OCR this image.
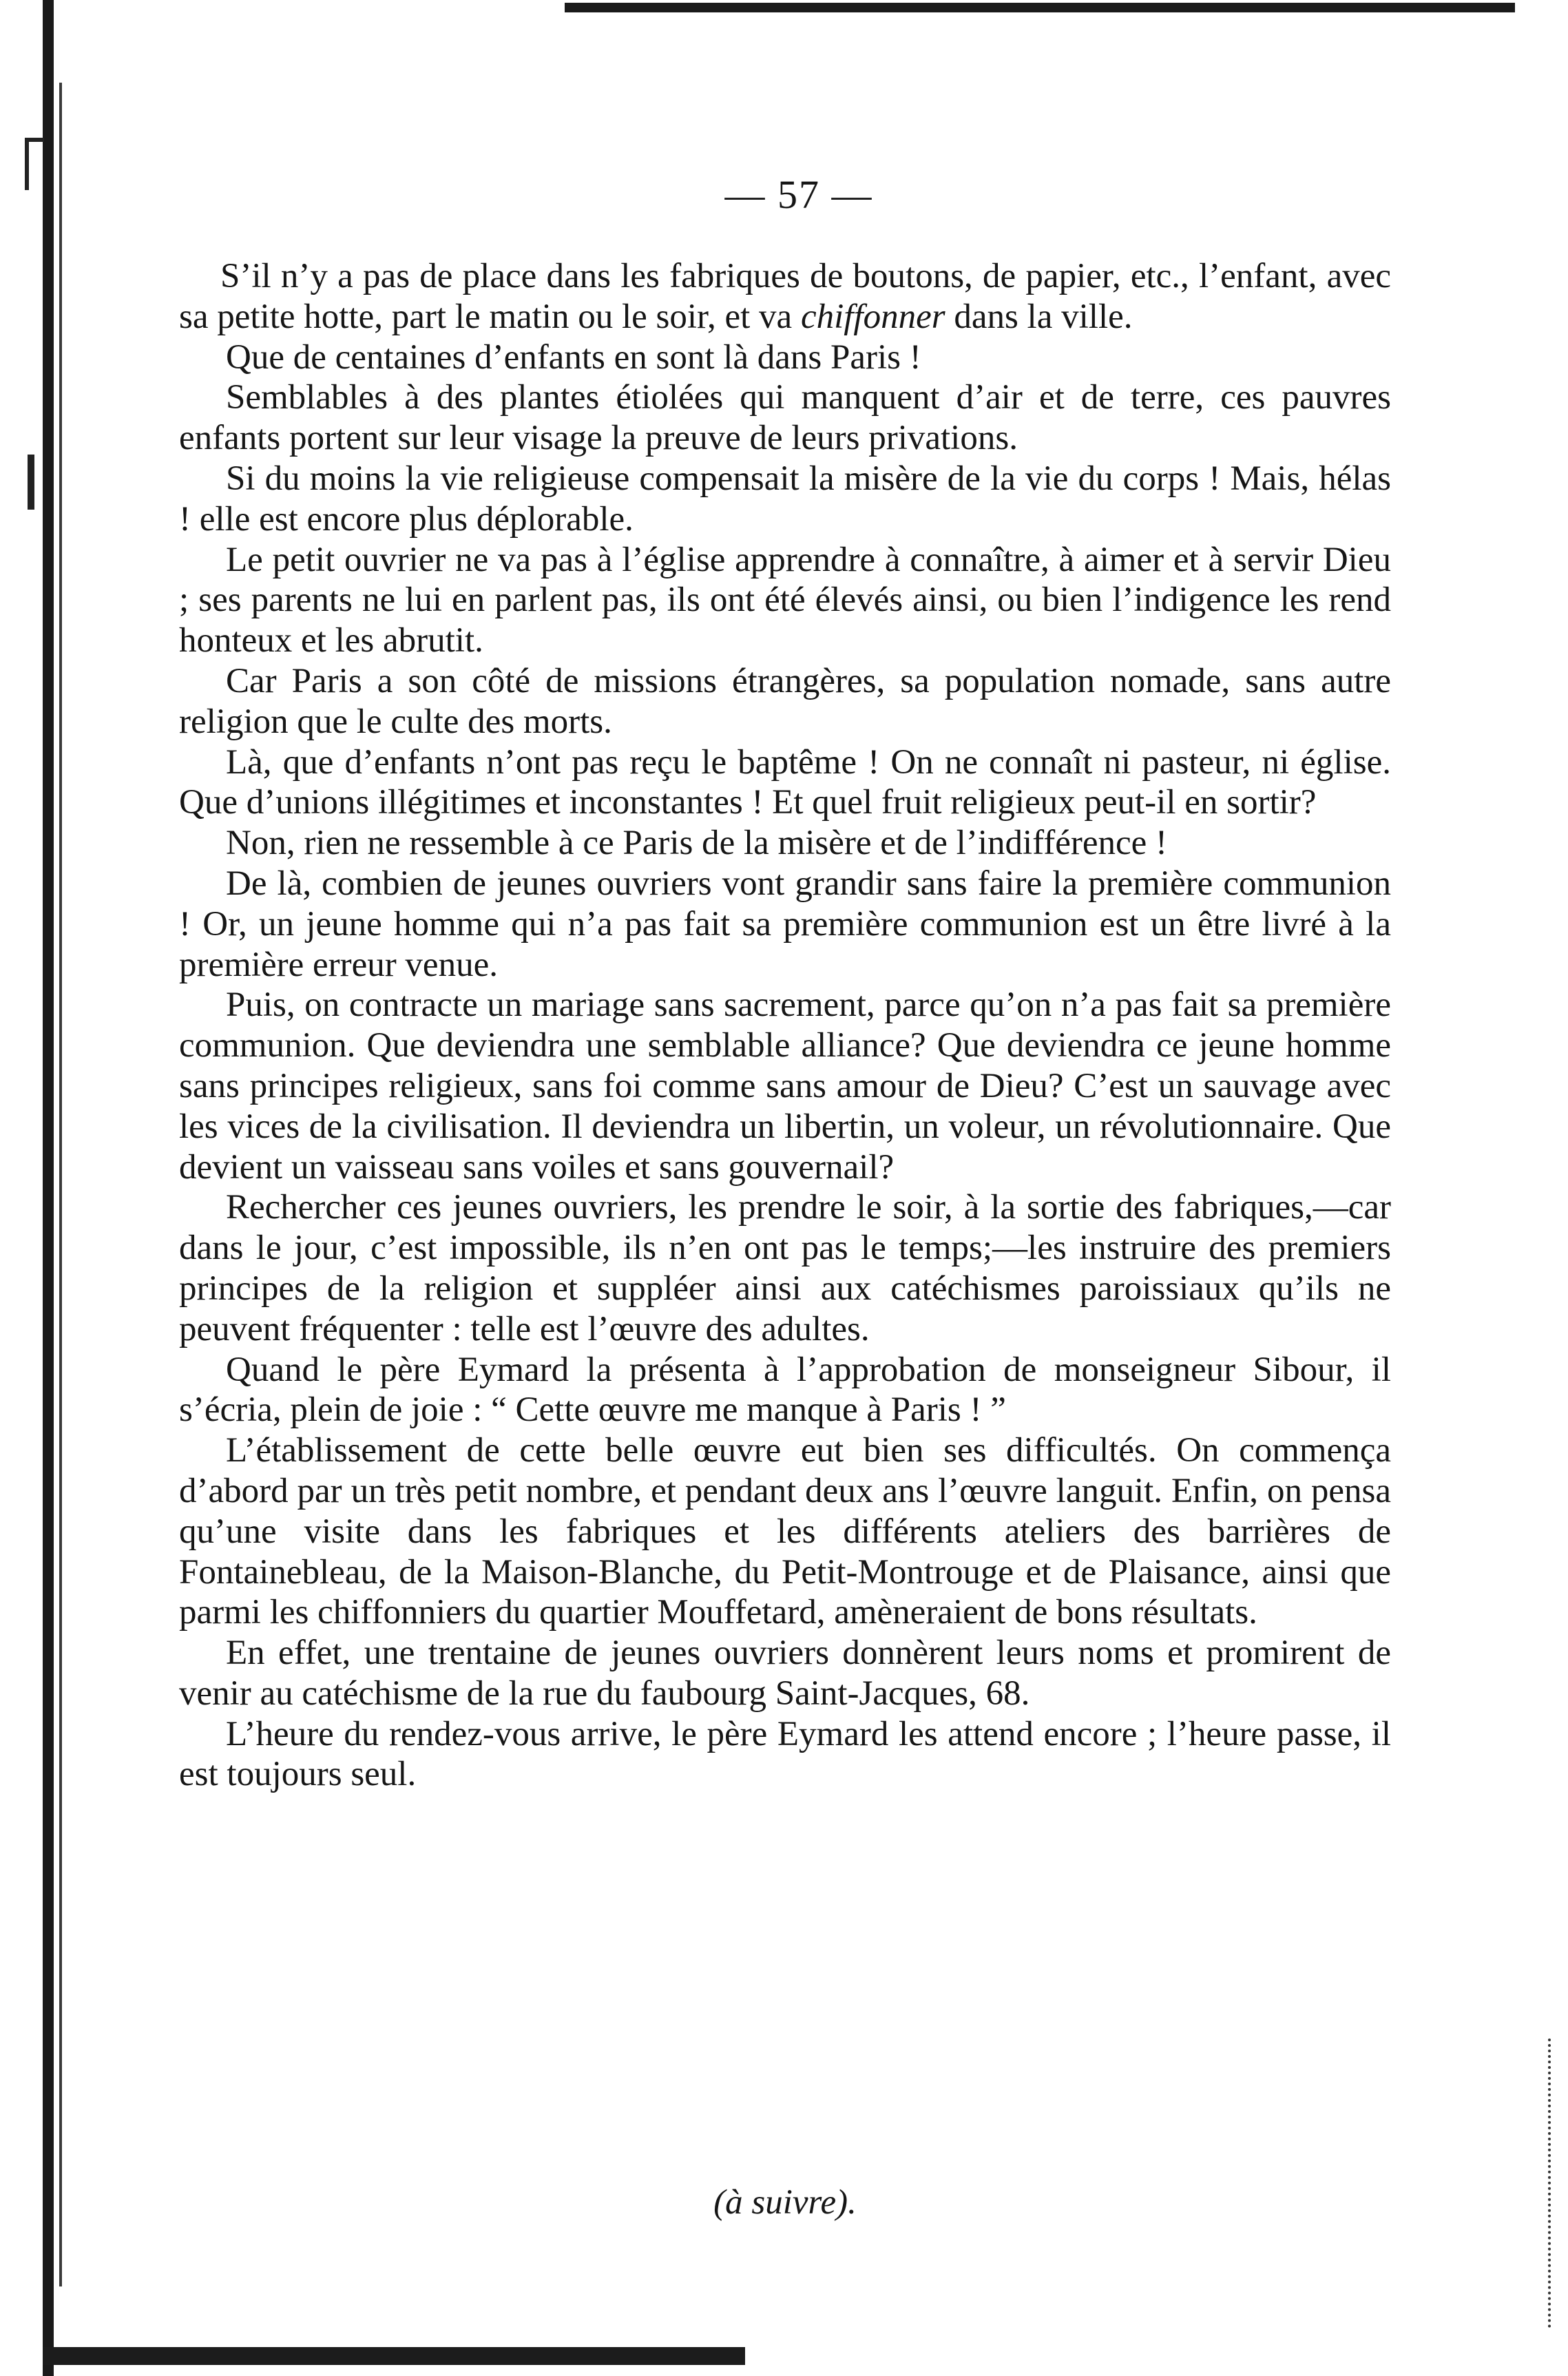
— 57 —

S’il n’y a pas de place dans les fabriques de boutons, de papier, etc., l’enfant, avec sa petite hotte, part le matin ou le soir, et va chiffonner dans la ville.

Que de centaines d’enfants en sont là dans Paris !

Semblables à des plantes étiolées qui manquent d’air et de terre, ces pauvres enfants portent sur leur visage la preuve de leurs privations.

Si du moins la vie religieuse compensait la misère de la vie du corps ! Mais, hélas ! elle est encore plus déplorable.

Le petit ouvrier ne va pas à l’église apprendre à connaître, à aimer et à servir Dieu ; ses parents ne lui en parlent pas, ils ont été élevés ainsi, ou bien l’indigence les rend honteux et les abrutit.

Car Paris a son côté de missions étrangères, sa population nomade, sans autre religion que le culte des morts.

Là, que d’enfants n’ont pas reçu le baptême ! On ne connaît ni pasteur, ni église. Que d’unions illégitimes et inconstantes ! Et quel fruit religieux peut-il en sortir?

Non, rien ne ressemble à ce Paris de la misère et de l’indifférence !

De là, combien de jeunes ouvriers vont grandir sans faire la première communion ! Or, un jeune homme qui n’a pas fait sa première communion est un être livré à la première erreur venue.

Puis, on contracte un mariage sans sacrement, parce qu’on n’a pas fait sa première communion. Que deviendra une semblable alliance? Que deviendra ce jeune homme sans principes religieux, sans foi comme sans amour de Dieu? C’est un sauvage avec les vices de la civilisation. Il deviendra un libertin, un voleur, un révolutionnaire. Que devient un vaisseau sans voiles et sans gouvernail?

Rechercher ces jeunes ouvriers, les prendre le soir, à la sortie des fabriques,—car dans le jour, c’est impossible, ils n’en ont pas le temps;—les instruire des premiers principes de la religion et suppléer ainsi aux catéchismes paroissiaux qu’ils ne peuvent fréquenter : telle est l’œuvre des adultes.

Quand le père Eymard la présenta à l’approbation de monseigneur Sibour, il s’écria, plein de joie : “ Cette œuvre me manque à Paris ! ”

L’établissement de cette belle œuvre eut bien ses difficultés. On commença d’abord par un très petit nombre, et pendant deux ans l’œuvre languit. Enfin, on pensa qu’une visite dans les fabriques et les différents ateliers des barrières de Fontainebleau, de la Maison-Blanche, du Petit-Montrouge et de Plaisance, ainsi que parmi les chiffonniers du quartier Mouffetard, amèneraient de bons résultats.

En effet, une trentaine de jeunes ouvriers donnèrent leurs noms et promirent de venir au catéchisme de la rue du faubourg Saint-Jacques, 68.

L’heure du rendez-vous arrive, le père Eymard les attend encore ; l’heure passe, il est toujours seul.

(à suivre).
